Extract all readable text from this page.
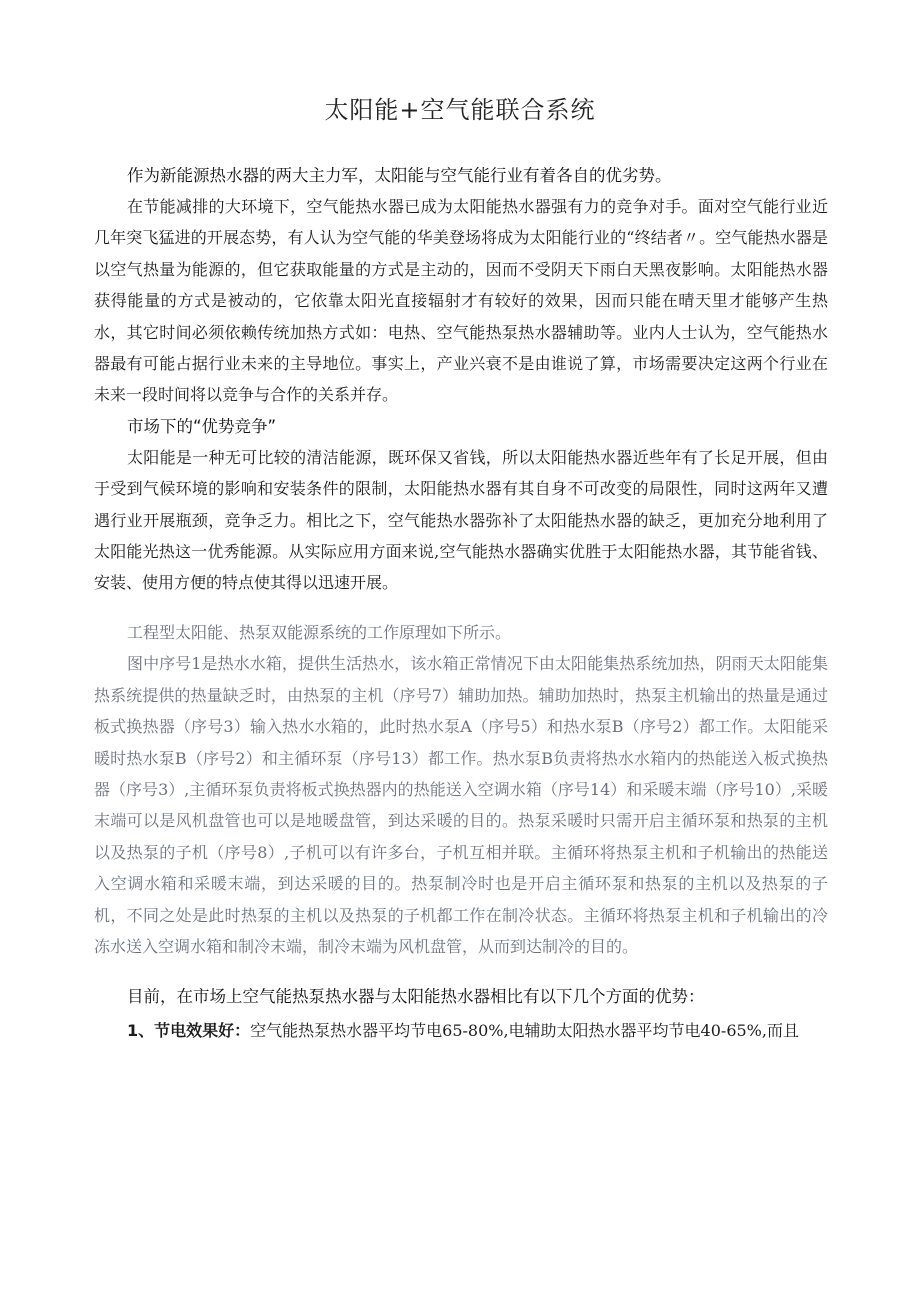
太阳能+空气能联合系统

作为新能源热水器的两大主力军，太阳能与空气能行业有着各自的优劣势。

在节能减排的大环境下，空气能热水器已成为太阳能热水器强有力的竞争对手。面对空气能行业近几年突飞猛进的开展态势，有人认为空气能的华美登场将成为太阳能行业的“终结者〃。空气能热水器是以空气热量为能源的，但它获取能量的方式是主动的，因而不受阴天下雨白天黑夜影响。太阳能热水器获得能量的方式是被动的，它依靠太阳光直接辐射才有较好的效果，因而只能在晴天里才能够产生热水，其它时间必须依赖传统加热方式如：电热、空气能热泵热水器辅助等。业内人士认为，空气能热水器最有可能占据行业未来的主导地位。事实上，产业兴衰不是由谁说了算，市场需要决定这两个行业在未来一段时间将以竞争与合作的关系并存。

市场下的“优势竞争”

太阳能是一种无可比较的清洁能源，既环保又省钱，所以太阳能热水器近些年有了长足开展，但由于受到气候环境的影响和安装条件的限制，太阳能热水器有其自身不可改变的局限性，同时这两年又遭遇行业开展瓶颈，竞争乏力。相比之下，空气能热水器弥补了太阳能热水器的缺乏，更加充分地利用了太阳能光热这一优秀能源。从实际应用方面来说,空气能热水器确实优胜于太阳能热水器，其节能省钱、安装、使用方便的特点使其得以迅速开展。

工程型太阳能、热泵双能源系统的工作原理如下所示。

图中序号1是热水水箱，提供生活热水，该水箱正常情况下由太阳能集热系统加热，阴雨天太阳能集热系统提供的热量缺乏时，由热泵的主机（序号7）辅助加热。辅助加热时，热泵主机输出的热量是通过板式换热器（序号3）输入热水水箱的，此时热水泵A（序号5）和热水泵B（序号2）都工作。太阳能采暖时热水泵B（序号2）和主循环泵（序号13）都工作。热水泵B负责将热水水箱内的热能送入板式换热器（序号3）,主循环泵负责将板式换热器内的热能送入空调水箱（序号14）和采暖末端（序号10）,采暖末端可以是风机盘管也可以是地暖盘管，到达采暖的目的。热泵采暖时只需开启主循环泵和热泵的主机以及热泵的子机（序号8）,子机可以有许多台，子机互相并联。主循环将热泵主机和子机输出的热能送入空调水箱和采暖末端，到达采暖的目的。热泵制冷时也是开启主循环泵和热泵的主机以及热泵的子机，不同之处是此时热泵的主机以及热泵的子机都工作在制冷状态。主循环将热泵主机和子机输出的冷冻水送入空调水箱和制冷末端，制冷末端为风机盘管，从而到达制冷的目的。

目前，在市场上空气能热泵热水器与太阳能热水器相比有以下几个方面的优势：

1、节电效果好：空气能热泵热水器平均节电65-80%,电辅助太阳热水器平均节电40-65%,而且
